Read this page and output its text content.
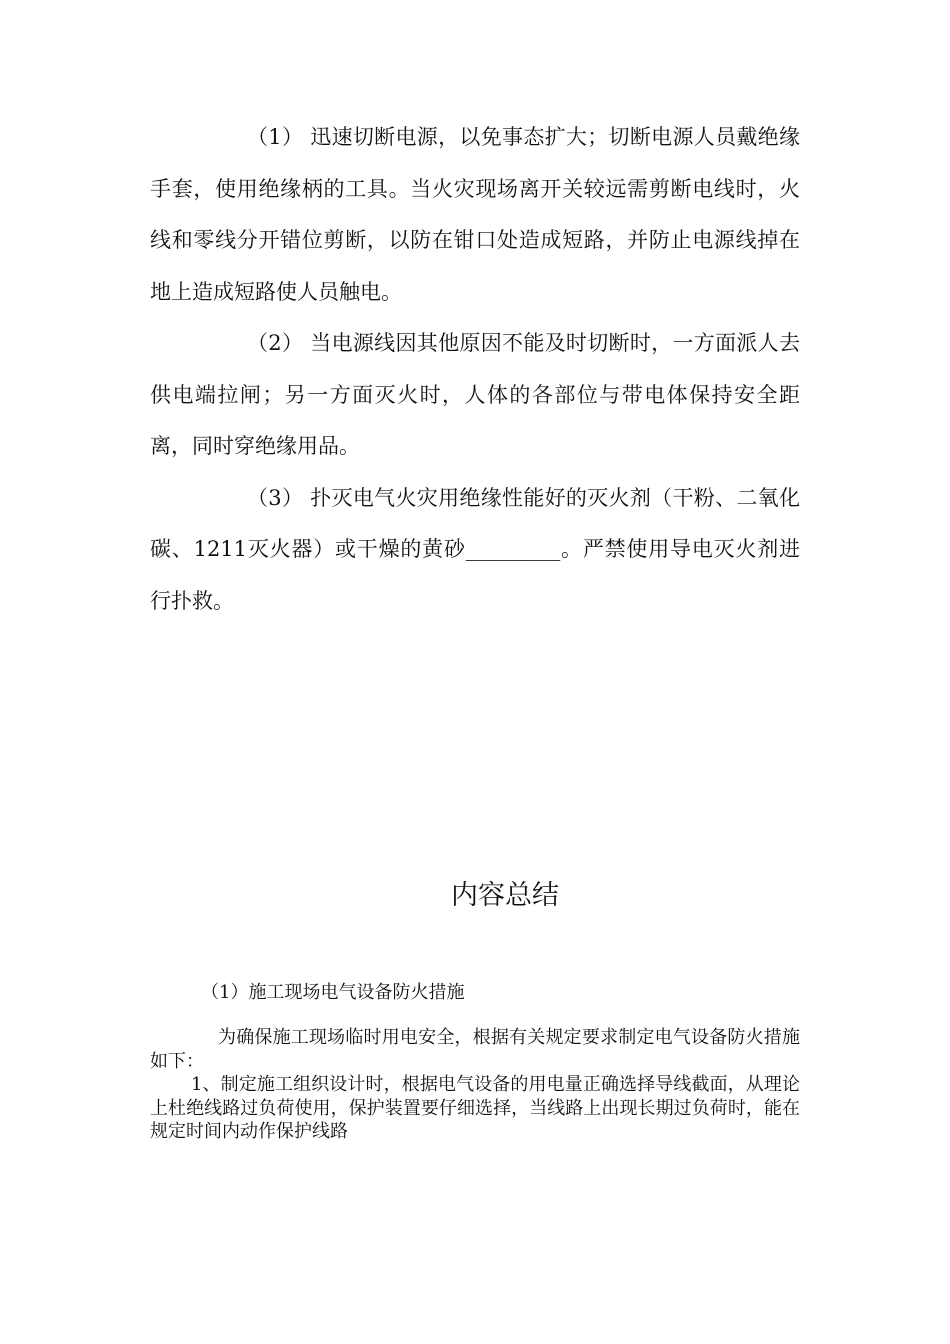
（1） 迅速切断电源，以免事态扩大；切断电源人员戴绝缘手套，使用绝缘柄的工具。当火灾现场离开关较远需剪断电线时，火线和零线分开错位剪断，以防在钳口处造成短路，并防止电源线掉在地上造成短路使人员触电。

（2） 当电源线因其他原因不能及时切断时，一方面派人去供电端拉闸；另一方面灭火时，人体的各部位与带电体保持安全距离，同时穿绝缘用品。

（3） 扑灭电气火灾用绝缘性能好的灭火剂（干粉、二氧化碳、1211灭火器）或干燥的黄砂_________。严禁使用导电灭火剂进行扑救。

内容总结

（1）施工现场电气设备防火措施

为确保施工现场临时用电安全，根据有关规定要求制定电气设备防火措施如下：

1、制定施工组织设计时，根据电气设备的用电量正确选择导线截面，从理论上杜绝线路过负荷使用，保护装置要仔细选择，当线路上出现长期过负荷时，能在规定时间内动作保护线路
